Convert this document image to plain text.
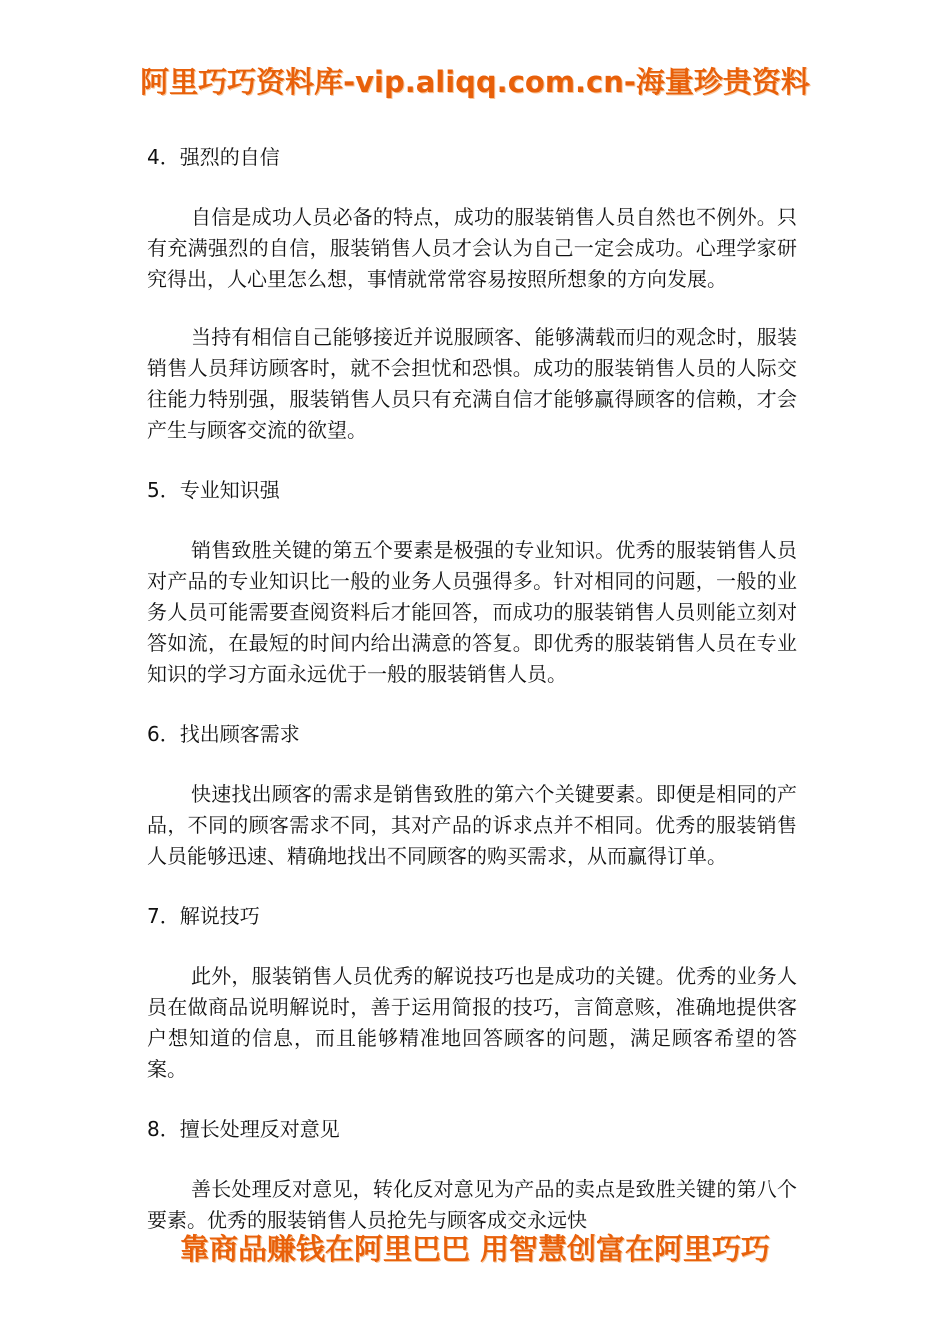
阿里巧巧资料库-vip.aliqq.com.cn-海量珍贵资料
4．强烈的自信

自信是成功人员必备的特点，成功的服装销售人员自然也不例外。只有充满强烈的自信，服装销售人员才会认为自己一定会成功。心理学家研究得出，人心里怎么想，事情就常常容易按照所想象的方向发展。

当持有相信自己能够接近并说服顾客、能够满载而归的观念时，服装销售人员拜访顾客时，就不会担忧和恐惧。成功的服装销售人员的人际交往能力特别强，服装销售人员只有充满自信才能够赢得顾客的信赖，才会产生与顾客交流的欲望。

5．专业知识强

销售致胜关键的第五个要素是极强的专业知识。优秀的服装销售人员对产品的专业知识比一般的业务人员强得多。针对相同的问题，一般的业务人员可能需要查阅资料后才能回答，而成功的服装销售人员则能立刻对答如流，在最短的时间内给出满意的答复。即优秀的服装销售人员在专业知识的学习方面永远优于一般的服装销售人员。

6．找出顾客需求

快速找出顾客的需求是销售致胜的第六个关键要素。即便是相同的产品，不同的顾客需求不同，其对产品的诉求点并不相同。优秀的服装销售人员能够迅速、精确地找出不同顾客的购买需求，从而赢得订单。

7．解说技巧

此外，服装销售人员优秀的解说技巧也是成功的关键。优秀的业务人员在做商品说明解说时，善于运用简报的技巧，言简意赅，准确地提供客户想知道的信息，而且能够精准地回答顾客的问题，满足顾客希望的答案。

8．擅长处理反对意见

善长处理反对意见，转化反对意见为产品的卖点是致胜关键的第八个要素。优秀的服装销售人员抢先与顾客成交永远快

靠商品赚钱在阿里巴巴 用智慧创富在阿里巧巧
